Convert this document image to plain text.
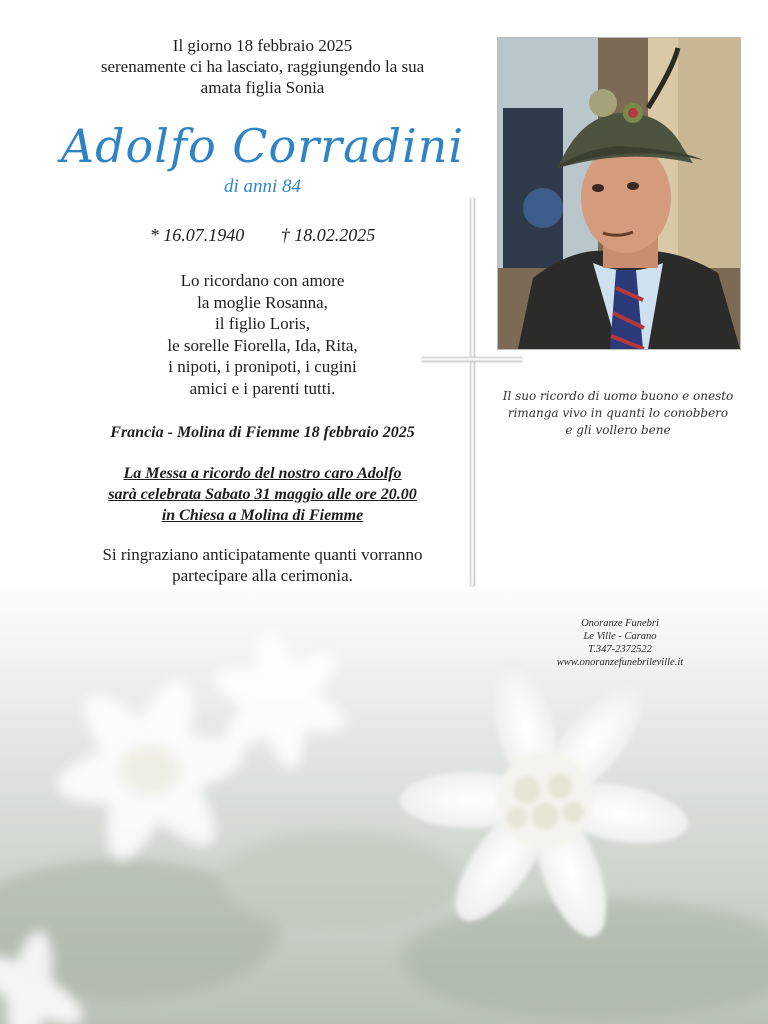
Il giorno 18 febbraio 2025
serenamente ci ha lasciato, raggiungendo la sua
amata figlia Sonia
Adolfo Corradini
di anni 84
* 16.07.1940 † 18.02.2025
Lo ricordano con amore
la moglie Rosanna,
il figlio Loris,
le sorelle Fiorella, Ida, Rita,
i nipoti, i pronipoti, i cugini
amici e i parenti tutti.
Francia - Molina di Fiemme 18 febbraio 2025
La Messa a ricordo del nostro caro Adolfo
sarà celebrata Sabato 31 maggio alle ore 20.00
in Chiesa a Molina di Fiemme
Si ringraziano anticipatamente quanti vorranno
partecipare alla cerimonia.
Il suo ricordo di uomo buono e onesto
rimanga vivo in quanti lo conobbero
e gli vollero bene
Onoranze Funebri
Le Ville - Carano
T.347-2372522
www.onoranzefunebrileville.it
